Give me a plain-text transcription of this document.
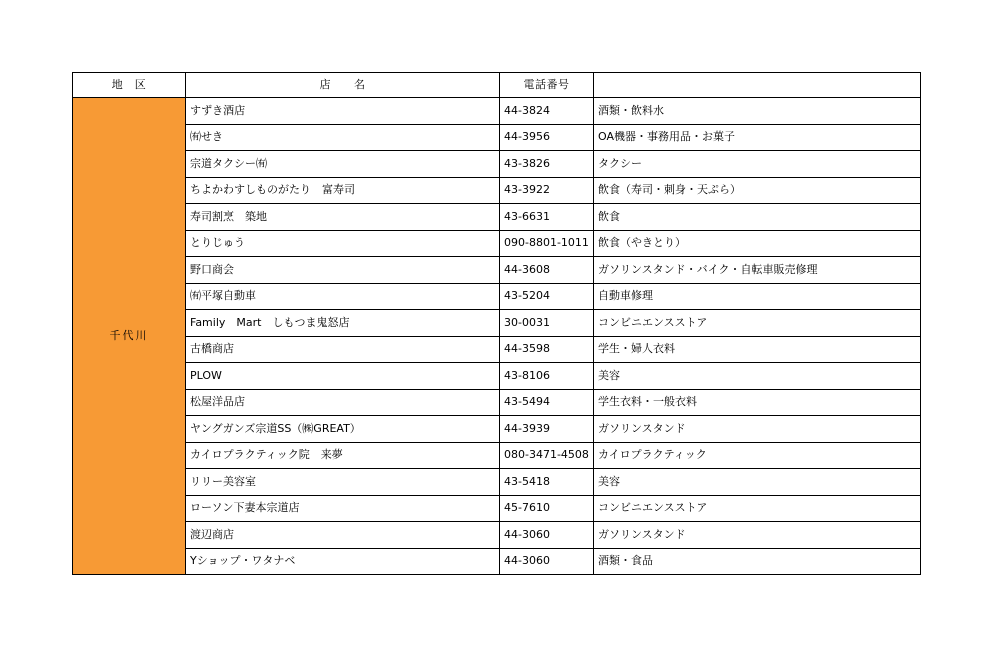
地　区	店　　名	電話番号	
千代川	すずき酒店	44-3824	酒類・飲料水
	㈲せき	44-3956	OA機器・事務用品・お菓子
	宗道タクシー㈲	43-3826	タクシー
	ちよかわすしものがたり　富寿司	43-3922	飲食（寿司・刺身・天ぷら）
	寿司割烹　築地	43-6631	飲食
	とりじゅう	090-8801-1011	飲食（やきとり）
	野口商会	44-3608	ガソリンスタンド・バイク・自転車販売修理
	㈲平塚自動車	43-5204	自動車修理
	Family　Mart　しもつま鬼怒店	30-0031	コンビニエンスストア
	古橋商店	44-3598	学生・婦人衣料
	PLOW	43-8106	美容
	松屋洋品店	43-5494	学生衣料・一般衣料
	ヤングガンズ宗道SS（㈱GREAT）	44-3939	ガソリンスタンド
	カイロプラクティック院　来夢	080-3471-4508	カイロプラクティック
	リリー美容室	43-5418	美容
	ローソン下妻本宗道店	45-7610	コンビニエンスストア
	渡辺商店	44-3060	ガソリンスタンド
	Yショップ・ワタナベ	44-3060	酒類・食品
